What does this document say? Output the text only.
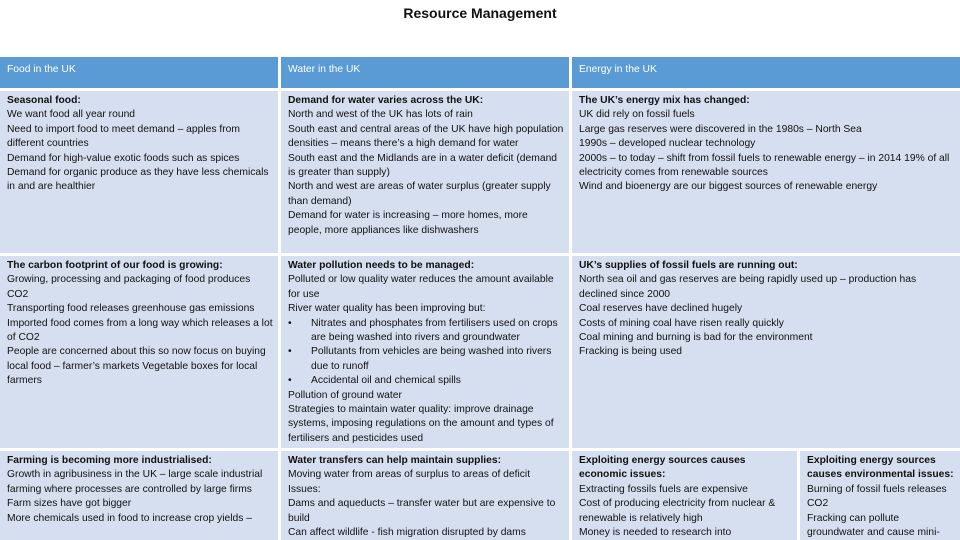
Resource Management
Food in the UK	Water in the UK	Energy in the UK
Seasonal food:
We want food all year round
Need to import food to meet demand – apples from different countries
Demand for high-value exotic foods such as spices
Demand for organic produce as they have less chemicals in and are healthier
Demand for water varies across the UK:
North and west of the UK has lots of rain
South east and central areas of the UK have high population densities – means there’s a high demand for water
South east and the Midlands are in a water deficit (demand is greater than supply)
North and west are areas of water surplus (greater supply than demand)
Demand for water is increasing – more homes, more people, more appliances like dishwashers
The UK’s energy mix has changed:
UK did rely on fossil fuels
Large gas reserves were discovered in the 1980s – North Sea
1990s – developed nuclear technology
2000s – to today – shift from fossil fuels to renewable energy – in 2014 19% of all electricity comes from renewable sources
Wind and bioenergy are our biggest sources of renewable energy
The carbon footprint of our food is growing:
Growing, processing and packaging of food produces CO2
Transporting food releases greenhouse gas emissions
Imported food comes from a long way which releases a lot of CO2
People are concerned about this so now focus on buying local food – farmer’s markets Vegetable boxes for local farmers
Water pollution needs to be managed:
Polluted or low quality water reduces the amount available for use
River water quality has been improving but:
• Nitrates and phosphates from fertilisers used on crops are being washed into rivers and groundwater
• Pollutants from vehicles are being washed into rivers due to runoff
• Accidental oil and chemical spills
Pollution of ground water
Strategies to maintain water quality: improve drainage systems, imposing regulations on the amount and types of fertilisers and pesticides used
UK’s supplies of fossil fuels are running out:
North sea oil and gas reserves are being rapidly used up – production has declined since 2000
Coal reserves have declined hugely
Costs of mining coal have risen really quickly
Coal mining and burning is bad for the environment
Fracking is being used
Farming is becoming more industrialised:
Growth in agribusiness in the UK – large scale industrial farming where processes are controlled by large firms
Farm sizes have got bigger
More chemicals used in food to increase crop yields –
Water transfers can help maintain supplies:
Moving water from areas of surplus to areas of deficit
Issues:
Dams and aqueducts – transfer water but are expensive to build
Can affect wildlife - fish migration disrupted by dams
Exploiting energy sources causes economic issues:
Extracting fossils fuels are expensive
Cost of producing electricity from nuclear & renewable is relatively high
Money is needed to research into
Exploiting energy sources causes environmental issues:
Burning of fossil fuels releases CO2
Fracking can pollute groundwater and cause mini-
